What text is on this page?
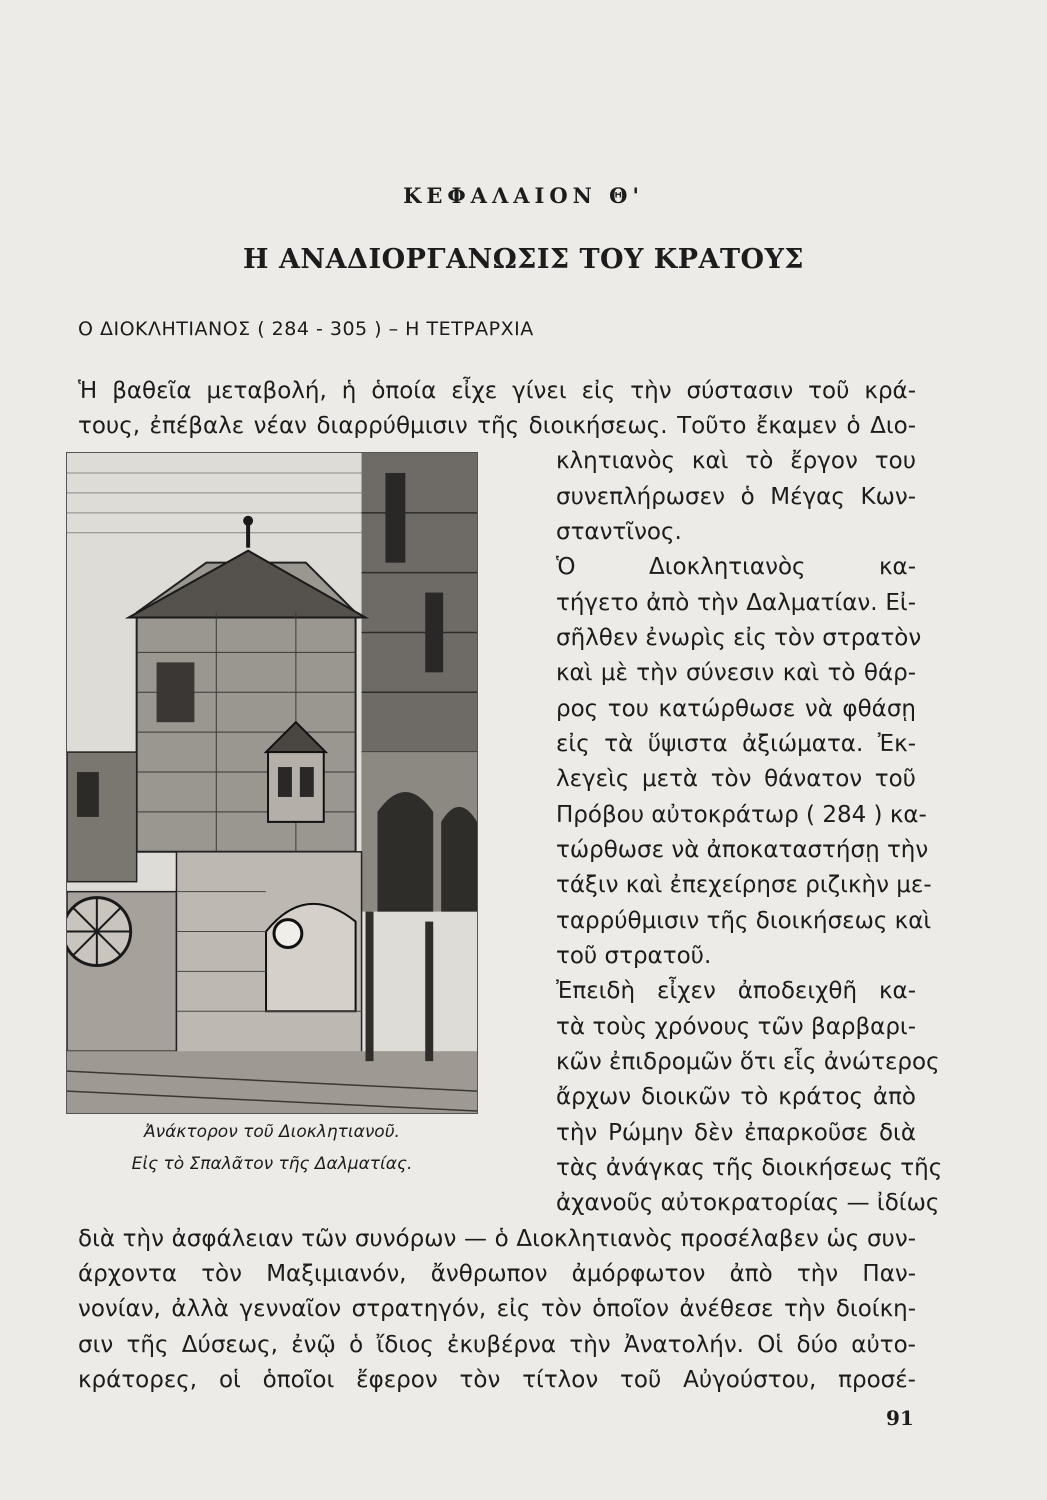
ΚΕΦΑΛΑΙΟΝ Θ'
Η ΑΝΑΔΙΟΡΓΑΝΩΣΙΣ ΤΟΥ ΚΡΑΤΟΥΣ
Ο ΔΙΟΚΛΗΤΙΑΝΟΣ ( 284 - 305 ) – Η ΤΕΤΡΑΡΧΙΑ
Ἡ βαθεῖα μεταβολή, ἡ ὁποία εἶχε γίνει εἰς τὴν σύστασιν τοῦ κρά-
τους, ἐπέβαλε νέαν διαρρύθμισιν τῆς διοικήσεως. Τοῦτο ἔκαμεν ὁ Διο-
κλητιανὸς καὶ τὸ ἔργον του
συνεπλήρωσεν ὁ Μέγας Κων-
σταντῖνος.
Ὁ Διοκλητιανὸς κα-
τήγετο ἀπὸ τὴν Δαλματίαν. Εἰ-
σῆλθεν ἐνωρὶς εἰς τὸν στρατὸν
καὶ μὲ τὴν σύνεσιν καὶ τὸ θάρ-
ρος του κατώρθωσε νὰ φθάσῃ
εἰς τὰ ὕψιστα ἀξιώματα. Ἐκ-
λεγεὶς μετὰ τὸν θάνατον τοῦ
Πρόβου αὐτοκράτωρ ( 284 ) κα-
τώρθωσε νὰ ἀποκαταστήσῃ τὴν
τάξιν καὶ ἐπεχείρησε ριζικὴν με-
ταρρύθμισιν τῆς διοικήσεως καὶ
τοῦ στρατοῦ.
Ἐπειδὴ εἶχεν ἀποδειχθῆ κα-
τὰ τοὺς χρόνους τῶν βαρβαρι-
κῶν ἐπιδρομῶν ὅτι εἷς ἀνώτερος
ἄρχων διοικῶν τὸ κράτος ἀπὸ
τὴν Ρώμην δὲν ἐπαρκοῦσε διὰ
τὰς ἀνάγκας τῆς διοικήσεως τῆς
ἀχανοῦς αὐτοκρατορίας — ἰδίως
διὰ τὴν ἀσφάλειαν τῶν συνόρων — ὁ Διοκλητιανὸς προσέλαβεν ὡς συν-
άρχοντα τὸν Μαξιμιανόν, ἄνθρωπον ἀμόρφωτον ἀπὸ τὴν Παν-
νονίαν, ἀλλὰ γενναῖον στρατηγόν, εἰς τὸν ὁποῖον ἀνέθεσε τὴν διοίκη-
σιν τῆς Δύσεως, ἐνῷ ὁ ἴδιος ἐκυβέρνα τὴν Ἀνατολήν. Οἱ δύο αὐτο-
κράτορες, οἱ ὁποῖοι ἔφερον τὸν τίτλον τοῦ Αὐγούστου, προσέ-
Ἀνάκτορον τοῦ Διοκλητιανοῦ.
Εἰς τὸ Σπαλᾶτον τῆς Δαλματίας.
91
